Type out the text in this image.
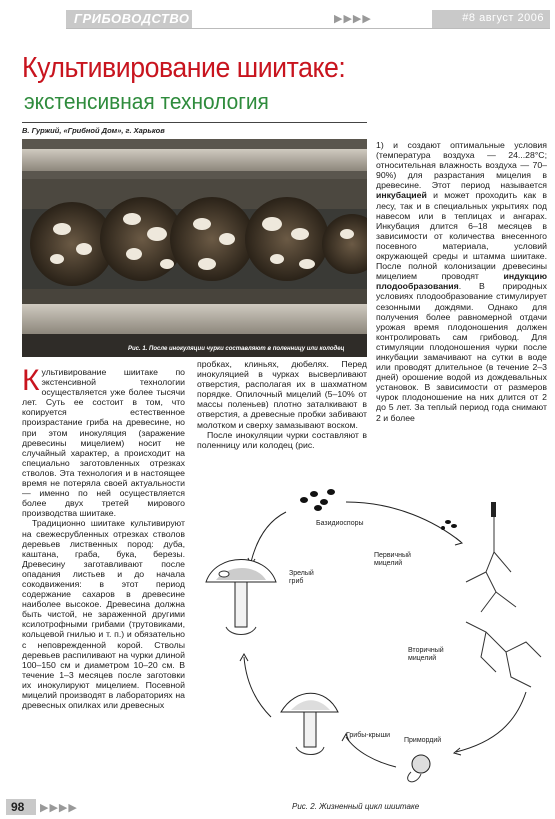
ГРИБОВОДСТВО	▶▶▶▶	#8 август 2006
Культивирование шиитаке:
экстенсивная технология
В. Гуржий, «Грибной Дом», г. Харьков
Рис. 1. После инокуляции чурки составляют в поленницу или колодец

Культивирование шиитаке по экстенсивной технологии осуществляется уже более тысячи лет. Суть ее состоит в том, что копируется естественное произрастание гриба на древесине, но при этом инокуляция (заражение древесины мицелием) носит не случайный характер, а происходит на специально заготовленных отрезках стволов. Эта технология и в настоящее время не потеряла своей актуальности — именно по ней осуществляется более двух третей мирового производства шиитаке.

Традиционно шиитаке культивируют на свежесрубленных отрезках стволов деревьев лиственных пород: дуба, каштана, граба, бука, березы. Древесину заготавливают после опадания листьев и до начала сокодвижения: в этот период содержание сахаров в древесине наиболее высокое. Древесина должна быть чистой, не зараженной другими ксилотрофными грибами (трутовиками, кольцевой гнилью и т. п.) и обязательно с неповрежденной корой. Стволы деревьев распиливают на чурки длиной 100–150 см и диаметром 10–20 см. В течение 1–3 месяцев после заготовки их инокулируют мицелием. Посевной мицелий производят в лабораториях на древесных опилках или древесных

пробках, клиньях, дюбелях. Перед инокуляцией в чурках высверливают отверстия, располагая их в шахматном порядке. Опилочный мицелий (5–10% от массы поленьев) плотно заталкивают в отверстия, а древесные пробки забивают молотком и сверху замазывают воском.

После инокуляции чурки составляют в поленницу или колодец (рис.

1) и создают оптимальные условия (температура воздуха — 24...28°С; относительная влажность воздуха — 70–90%) для разрастания мицелия в древесине. Этот период называется инкубацией и может проходить как в лесу, так и в специальных укрытиях под навесом или в теплицах и ангарах. Инкубация длится 6–18 месяцев в зависимости от количества внесенного посевного материала, условий окружающей среды и штамма шиитаке. После полной колонизации древесины мицелием проводят индукцию плодообразования. В природных условиях плодообразование стимулирует сезонными дождями. Однако для получения более равномерной отдачи урожая время плодоношения должен контролировать сам грибовод. Для стимуляции плодоношения чурки после инкубации замачивают на сутки в воде или проводят длительное (в течение 2–3 дней) орошение водой из дождевальных установок. В зависимости от размеров чурок плодоношение на них длится от 2 до 5 лет. За теплый период года снимают 2 и более

Базидиоспоры
Первичный мицелий
Зрелый гриб
Вторичный мицелий
Примордий
Грибы-крыши
Рис. 2. Жизненный цикл шиитаке
98 ▶▶▶▶
